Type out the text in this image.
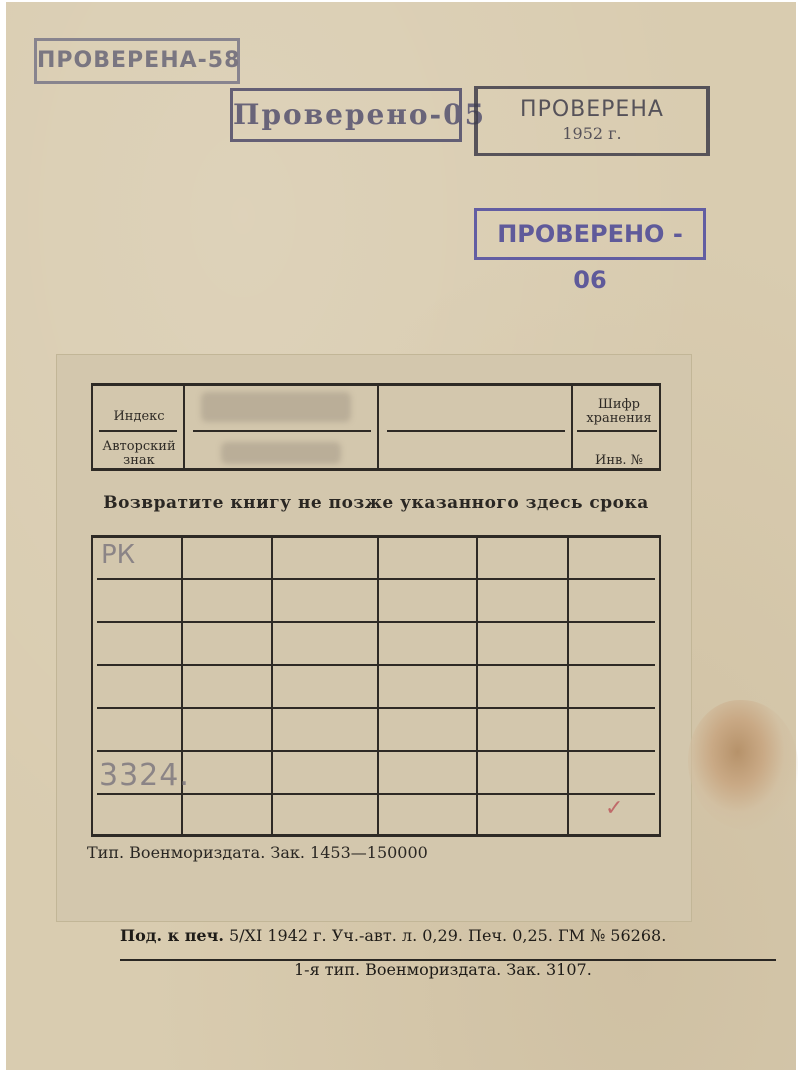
ПРОВЕРЕНА-58
Проверено-05	ПРОВЕРЕНА
1952 г.
ПРОВЕРЕНО - 06
Индекс
Авторский знак
Шифр хранения
Инв. №
Возвратите книгу не позже указанного здесь срока
РК
3324.
✓
Тип. Военмориздата. Зак. 1453—150000
Под. к печ. 5/XI 1942 г. Уч.-авт. л. 0,29. Печ. 0,25. ГМ № 56268.
1-я тип. Военмориздата. Зак. 3107.
